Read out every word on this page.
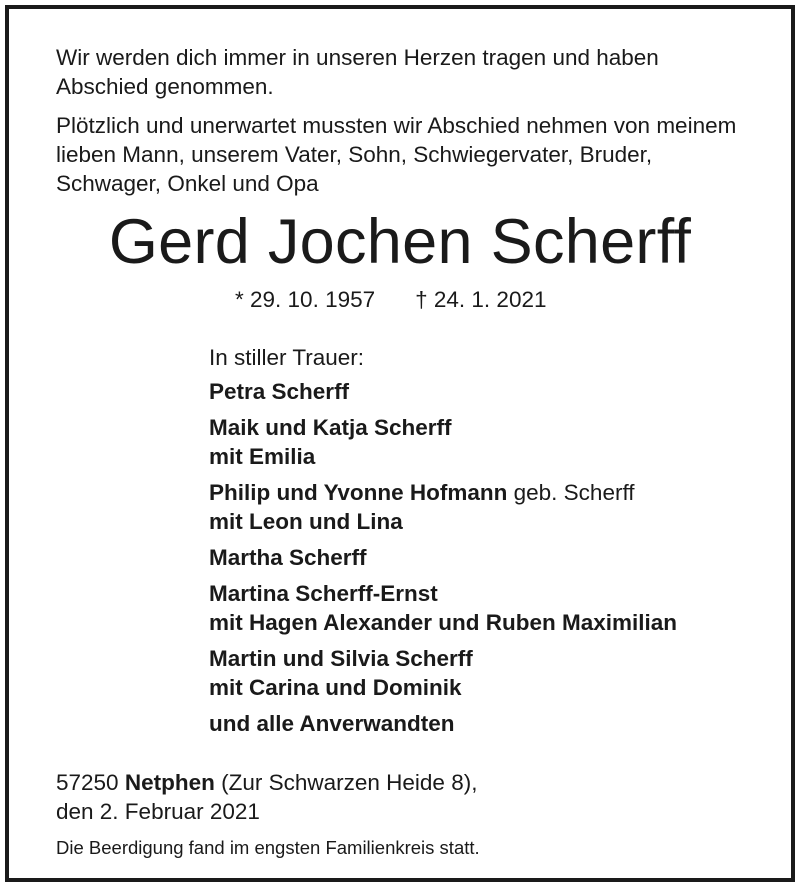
Wir werden dich immer in unseren Herzen tragen und haben Abschied genommen.

Plötzlich und unerwartet mussten wir Abschied nehmen von meinem lieben Mann, unserem Vater, Sohn, Schwiegervater, Bruder, Schwager, Onkel und Opa

Gerd Jochen Scherff
* 29. 10. 1957 † 24. 1. 2021
In stiller Trauer:
Petra Scherff
Maik und Katja Scherff
mit Emilia
Philip und Yvonne Hofmann geb. Scherff
mit Leon und Lina
Martha Scherff
Martina Scherff-Ernst
mit Hagen Alexander und Ruben Maximilian
Martin und Silvia Scherff
mit Carina und Dominik
und alle Anverwandten
57250 Netphen (Zur Schwarzen Heide 8),
den 2. Februar 2021
Die Beerdigung fand im engsten Familienkreis statt.
